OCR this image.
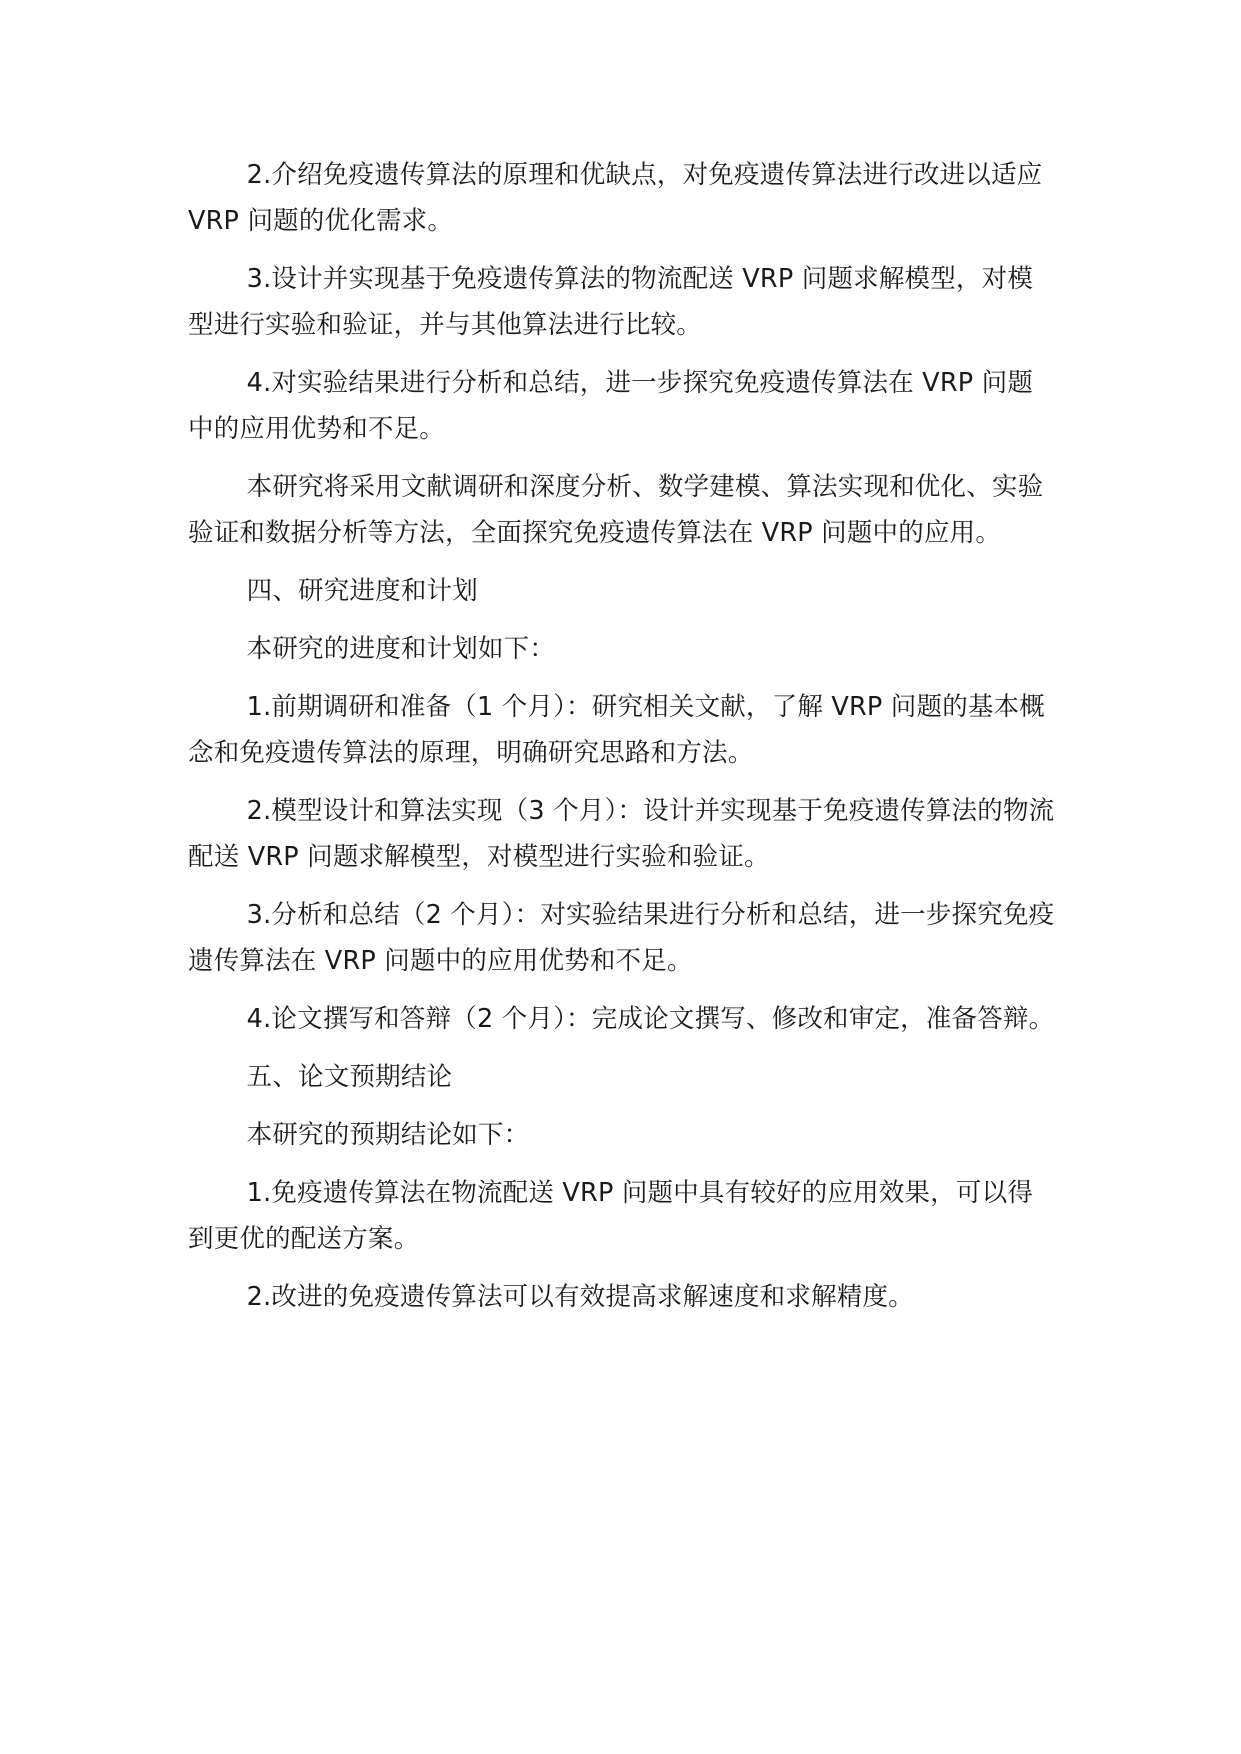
2.介绍免疫遗传算法的原理和优缺点，对免疫遗传算法进行改进以适应 VRP 问题的优化需求。

3.设计并实现基于免疫遗传算法的物流配送 VRP 问题求解模型，对模型进行实验和验证，并与其他算法进行比较。

4.对实验结果进行分析和总结，进一步探究免疫遗传算法在 VRP 问题中的应用优势和不足。

本研究将采用文献调研和深度分析、数学建模、算法实现和优化、实验验证和数据分析等方法，全面探究免疫遗传算法在 VRP 问题中的应用。

四、研究进度和计划

本研究的进度和计划如下：

1.前期调研和准备（1 个月）：研究相关文献，了解 VRP 问题的基本概念和免疫遗传算法的原理，明确研究思路和方法。

2.模型设计和算法实现（3 个月）：设计并实现基于免疫遗传算法的物流配送 VRP 问题求解模型，对模型进行实验和验证。

3.分析和总结（2 个月）：对实验结果进行分析和总结，进一步探究免疫遗传算法在 VRP 问题中的应用优势和不足。

4.论文撰写和答辩（2 个月）：完成论文撰写、修改和审定，准备答辩。

五、论文预期结论

本研究的预期结论如下：

1.免疫遗传算法在物流配送 VRP 问题中具有较好的应用效果，可以得到更优的配送方案。

2.改进的免疫遗传算法可以有效提高求解速度和求解精度。
